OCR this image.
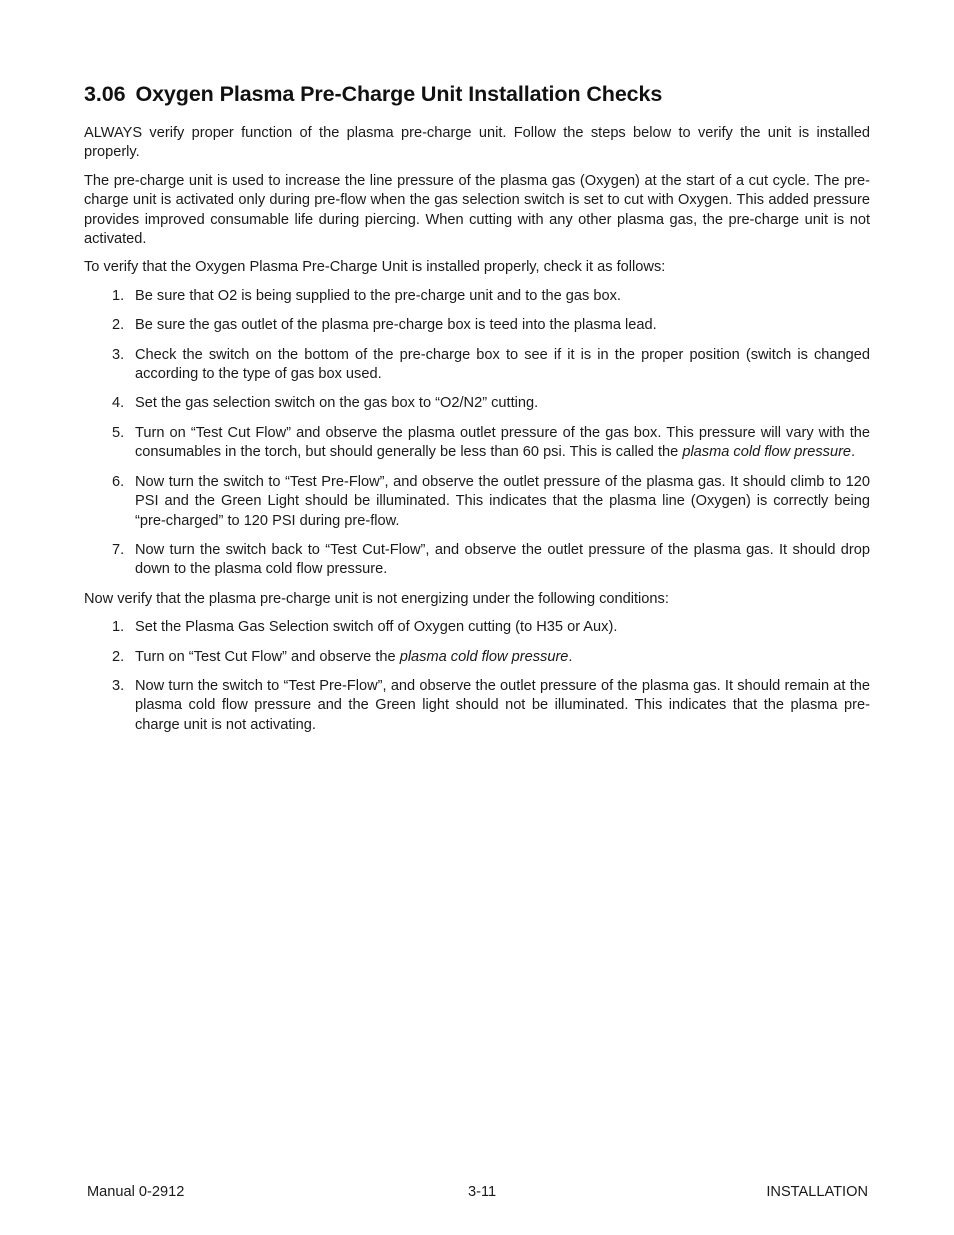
3.06 Oxygen Plasma Pre-Charge Unit Installation Checks

ALWAYS verify proper function of the plasma pre-charge unit. Follow the steps below to verify the unit is installed properly.

The pre-charge unit is used to increase the line pressure of the plasma gas (Oxygen) at the start of a cut cycle. The pre-charge unit is activated only during pre-flow when the gas selection switch is set to cut with Oxygen. This added pressure provides improved consumable life during piercing. When cutting with any other plasma gas, the pre-charge unit is not activated.

To verify that the Oxygen Plasma Pre-Charge Unit is installed properly, check it as follows:

1. Be sure that O2 is being supplied to the pre-charge unit and to the gas box.
2. Be sure the gas outlet of the plasma pre-charge box is teed into the plasma lead.
3. Check the switch on the bottom of the pre-charge box to see if it is in the proper position (switch is changed according to the type of gas box used.
4. Set the gas selection switch on the gas box to “O2/N2” cutting.
5. Turn on “Test Cut Flow” and observe the plasma outlet pressure of the gas box. This pressure will vary with the consumables in the torch, but should generally be less than 60 psi. This is called the plasma cold flow pressure.
6. Now turn the switch to “Test Pre-Flow”, and observe the outlet pressure of the plasma gas. It should climb to 120 PSI and the Green Light should be illuminated. This indicates that the plasma line (Oxygen) is correctly being “pre-charged” to 120 PSI during pre-flow.
7. Now turn the switch back to “Test Cut-Flow”, and observe the outlet pressure of the plasma gas. It should drop down to the plasma cold flow pressure.

Now verify that the plasma pre-charge unit is not energizing under the following conditions:

1. Set the Plasma Gas Selection switch off of Oxygen cutting (to H35 or Aux).
2. Turn on “Test Cut Flow” and observe the plasma cold flow pressure.
3. Now turn the switch to “Test Pre-Flow”, and observe the outlet pressure of the plasma gas. It should remain at the plasma cold flow pressure and the Green light should not be illuminated. This indicates that the plasma pre-charge unit is not activating.
Manual 0-2912	3-11	INSTALLATION
